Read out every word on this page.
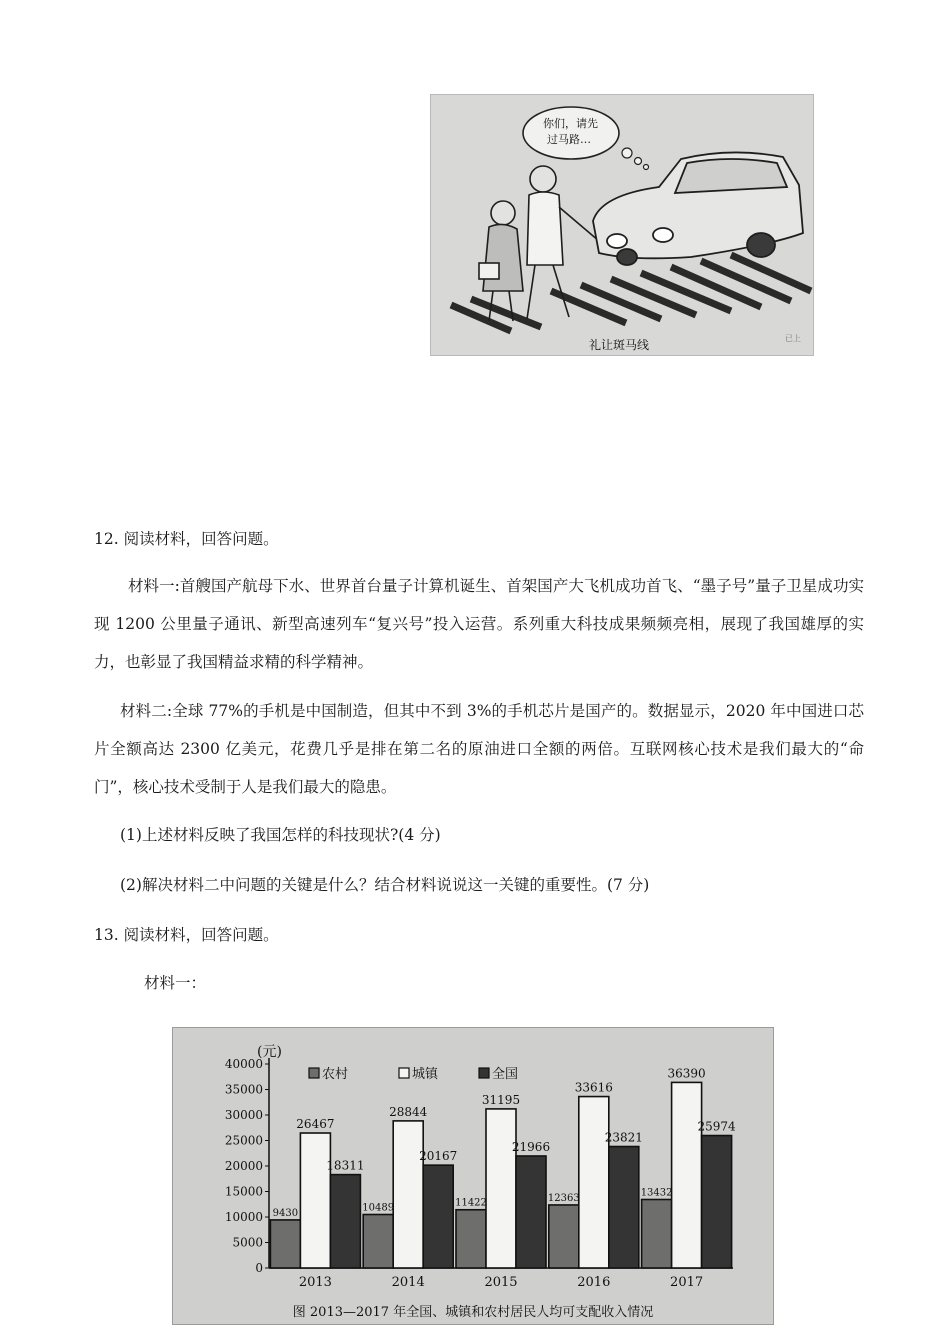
你们，请先
过马路…
礼让斑马线	已上

12. 阅读材料，回答问题。

材料一:首艘国产航母下水、世界首台量子计算机诞生、首架国产大飞机成功首飞、“墨子号”量子卫星成功实现 1200 公里量子通讯、新型高速列车“复兴号”投入运营。系列重大科技成果频频亮相，展现了我国雄厚的实力，也彰显了我国精益求精的科学精神。

材料二:全球 77%的手机是中国制造，但其中不到 3%的手机芯片是国产的。数据显示，2020 年中国进口芯片全额高达 2300 亿美元，花费几乎是排在第二名的原油进口全额的两倍。互联网核心技术是我们最大的“命门”，核心技术受制于人是我们最大的隐患。

(1)上述材料反映了我国怎样的科技现状?(4 分)

(2)解决材料二中问题的关键是什么？结合材料说说这一关键的重要性。(7 分)

13. 阅读材料，回答问题。

材料一：

0
5000
10000
15000
20000
25000
30000
35000
40000
9430
26467
18311
2013
10489
28844
20167
2014
11422
31195
21966
2015
12363
33616
23821
2016
13432
36390
25974
2017
农村	城镇	全国
(元)
图 2013—2017 年全国、城镇和农村居民人均可支配收入情况
